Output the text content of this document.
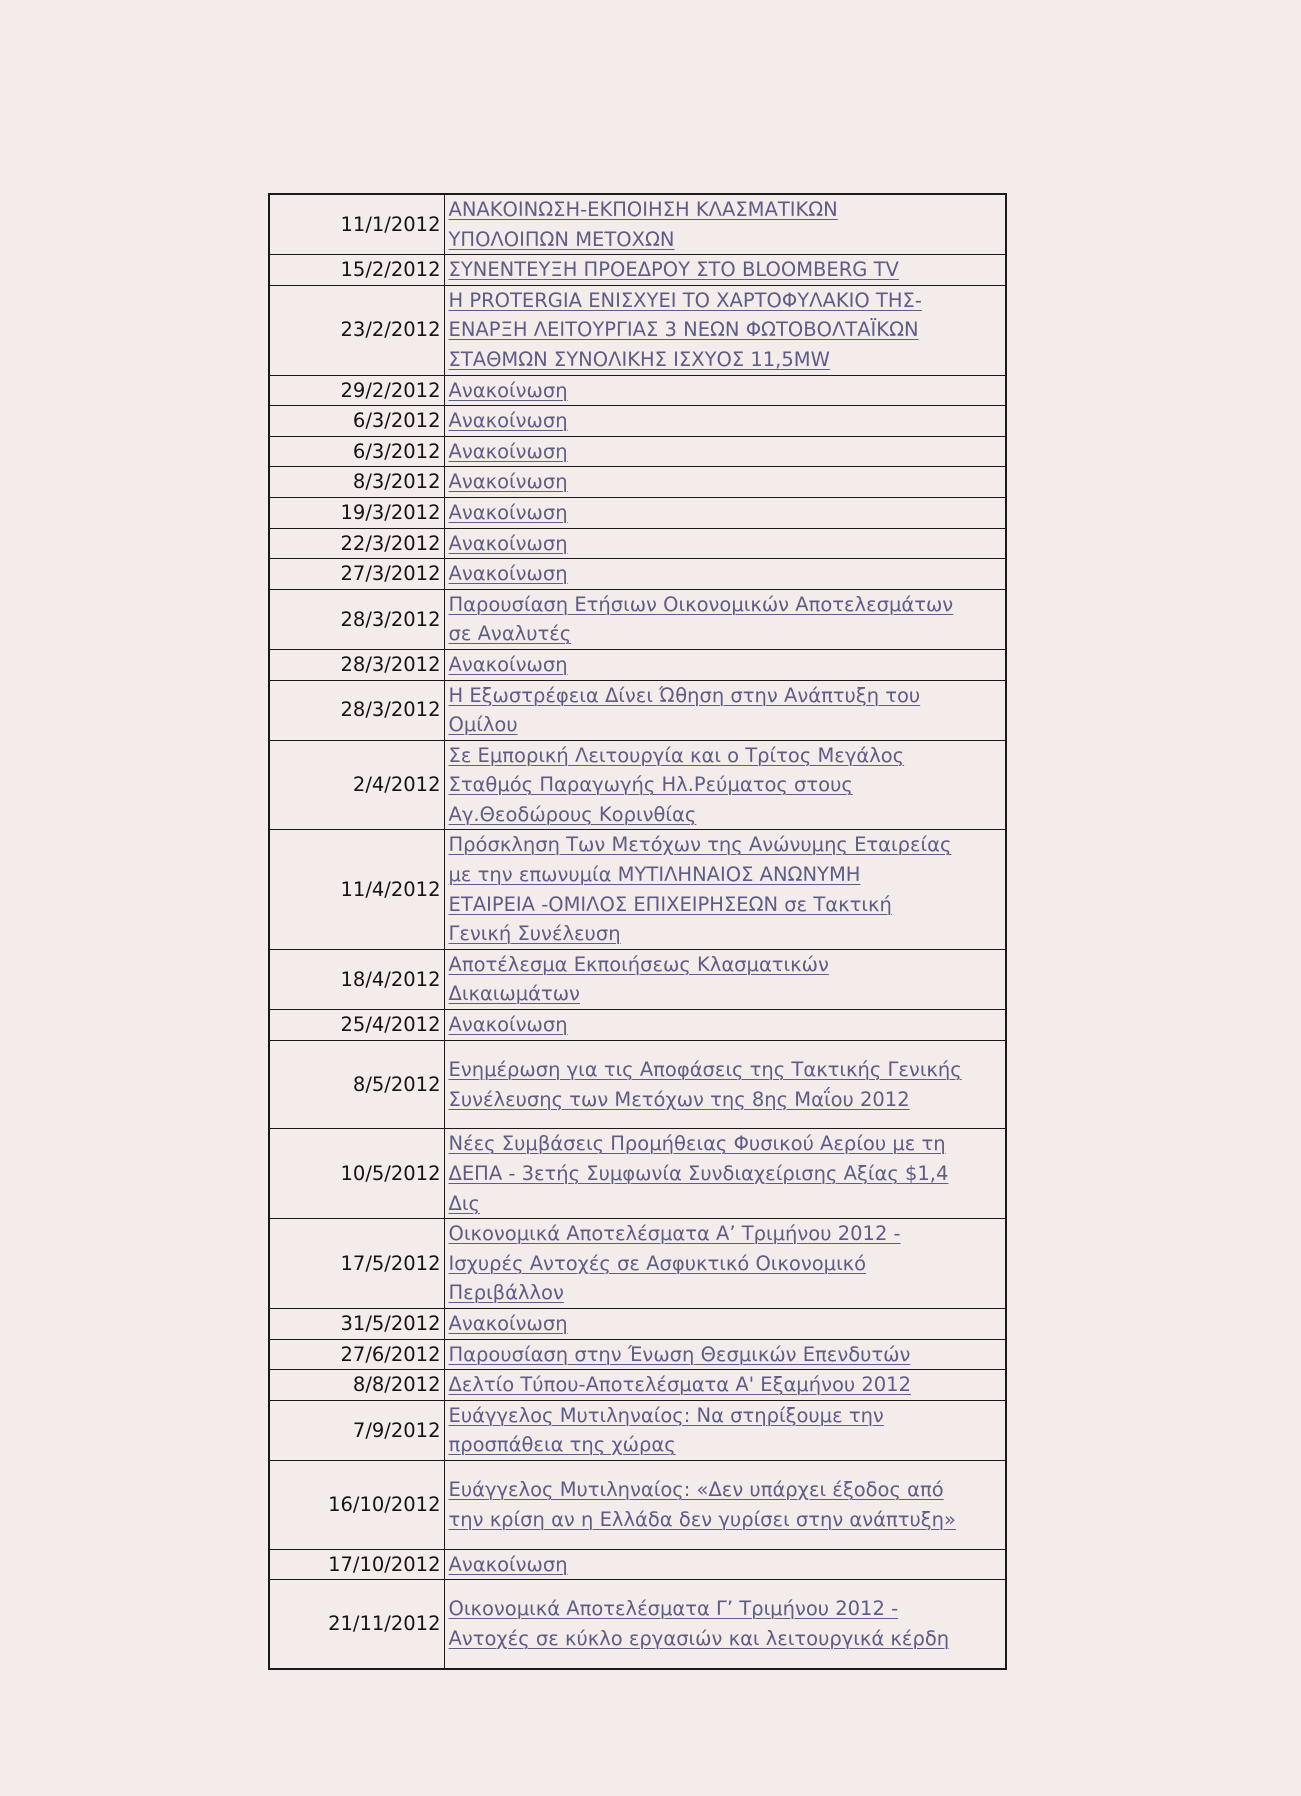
11/1/2012	ΑΝΑΚΟΙΝΩΣΗ-ΕΚΠΟΙΗΣΗ ΚΛΑΣΜΑΤΙΚΩΝ
ΥΠΟΛΟΙΠΩΝ ΜΕΤΟΧΩΝ
15/2/2012	ΣΥΝΕΝΤΕΥΞΗ ΠΡΟΕΔΡΟΥ ΣΤΟ BLOOMBERG TV
23/2/2012	Η PROTERGIA ΕΝΙΣΧΥΕΙ ΤΟ ΧΑΡΤΟΦΥΛΑΚΙΟ ΤΗΣ-
ΕΝΑΡΞΗ ΛΕΙΤΟΥΡΓΙΑΣ 3 ΝΕΩΝ ΦΩΤΟΒΟΛΤΑΪΚΩΝ
ΣΤΑΘΜΩΝ ΣΥΝΟΛΙΚΗΣ ΙΣΧΥΟΣ 11,5MW
29/2/2012	Ανακοίνωση
6/3/2012	Ανακοίνωση
6/3/2012	Ανακοίνωση
8/3/2012	Ανακοίνωση
19/3/2012	Ανακοίνωση
22/3/2012	Ανακοίνωση
27/3/2012	Ανακοίνωση
28/3/2012	Παρουσίαση Ετήσιων Οικονομικών Αποτελεσμάτων
σε Αναλυτές
28/3/2012	Ανακοίνωση
28/3/2012	Η Εξωστρέφεια Δίνει Ώθηση στην Ανάπτυξη του
Ομίλου
2/4/2012	Σε Εμπορική Λειτουργία και ο Τρίτος Μεγάλος
Σταθμός Παραγωγής Ηλ.Ρεύματος στους
Αγ.Θεοδώρους Κορινθίας
11/4/2012	Πρόσκληση Των Μετόχων της Ανώνυμης Εταιρείας
με την επωνυμία ΜΥΤΙΛΗΝΑΙΟΣ ΑΝΩΝΥΜΗ
ΕΤΑΙΡΕΙΑ -ΟΜΙΛΟΣ ΕΠΙΧΕΙΡΗΣΕΩΝ σε Τακτική
Γενική Συνέλευση
18/4/2012	Αποτέλεσμα Εκποιήσεως Κλασματικών
Δικαιωμάτων
25/4/2012	Ανακοίνωση
8/5/2012	Ενημέρωση για τις Αποφάσεις της Τακτικής Γενικής
Συνέλευσης των Μετόχων της 8ης Μαΐου 2012
10/5/2012	Νέες Συμβάσεις Προμήθειας Φυσικού Αερίου με τη
ΔΕΠΑ - 3ετής Συμφωνία Συνδιαχείρισης Αξίας $1,4
Δις
17/5/2012	Οικονομικά Αποτελέσματα Α’ Τριμήνου 2012 -
Ισχυρές Αντοχές σε Ασφυκτικό Οικονομικό
Περιβάλλον
31/5/2012	Ανακοίνωση
27/6/2012	Παρουσίαση στην Ένωση Θεσμικών Επενδυτών
8/8/2012	Δελτίο Τύπου-Αποτελέσματα Α' Εξαμήνου 2012
7/9/2012	Ευάγγελος Μυτιληναίος: Να στηρίξουμε την
προσπάθεια της χώρας
16/10/2012	Ευάγγελος Μυτιληναίος: «Δεν υπάρχει έξοδος από
την κρίση αν η Ελλάδα δεν γυρίσει στην ανάπτυξη»
17/10/2012	Ανακοίνωση
21/11/2012	Οικονομικά Αποτελέσματα Γ’ Τριμήνου 2012 -
Αντοχές σε κύκλο εργασιών και λειτουργικά κέρδη
